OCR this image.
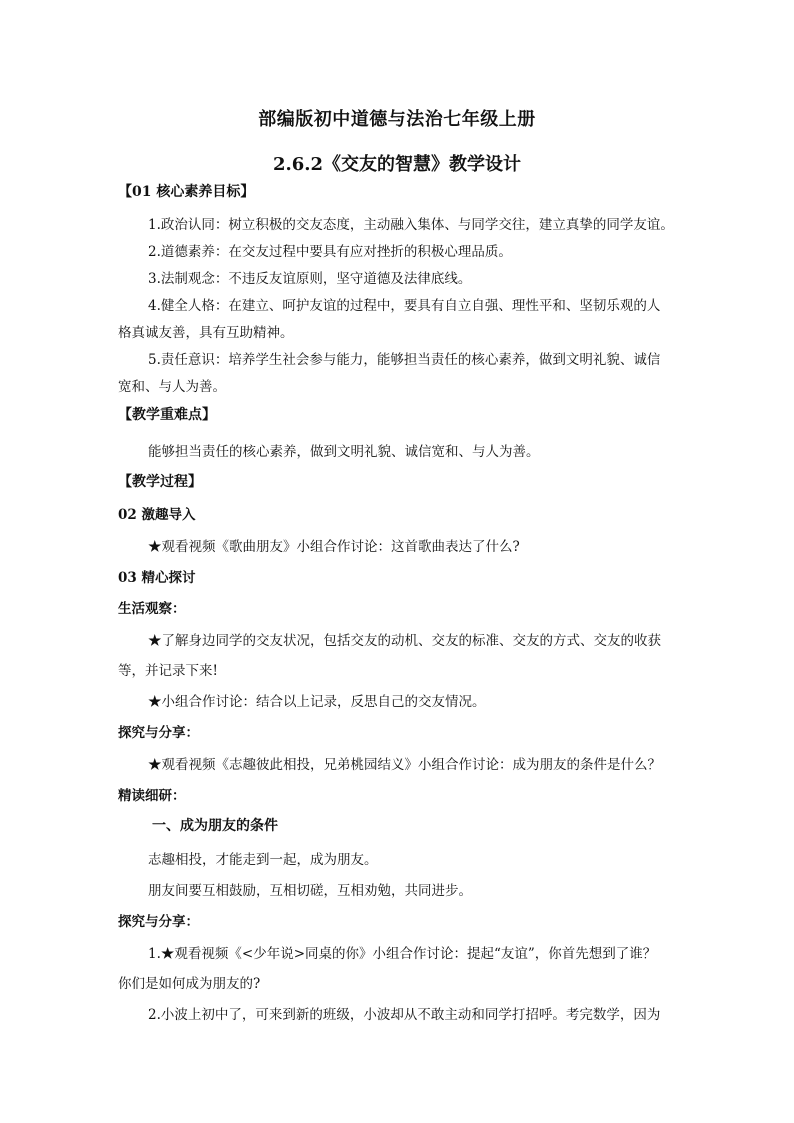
部编版初中道德与法治七年级上册
2.6.2《交友的智慧》教学设计
【01 核心素养目标】
1.政治认同：树立积极的交友态度，主动融入集体、与同学交往，建立真挚的同学友谊。
2.道德素养：在交友过程中要具有应对挫折的积极心理品质。
3.法制观念：不违反友谊原则，坚守道德及法律底线。
4.健全人格：在建立、呵护友谊的过程中，要具有自立自强、理性平和、坚韧乐观的人
格真诚友善，具有互助精神。
5.责任意识：培养学生社会参与能力，能够担当责任的核心素养，做到文明礼貌、诚信
宽和、与人为善。
【教学重难点】
能够担当责任的核心素养，做到文明礼貌、诚信宽和、与人为善。
【教学过程】
02 激趣导入
★观看视频《歌曲朋友》小组合作讨论：这首歌曲表达了什么?
03 精心探讨
生活观察：
★了解身边同学的交友状况，包括交友的动机、交友的标准、交友的方式、交友的收获
等，并记录下来!
★小组合作讨论：结合以上记录，反思自己的交友情况。
探究与分享：
★观看视频《志趣彼此相投，兄弟桃园结义》小组合作讨论：成为朋友的条件是什么？
精读细研：
一、成为朋友的条件
志趣相投，才能走到一起，成为朋友。
朋友间要互相鼓励，互相切磋，互相劝勉，共同进步。
探究与分享：
1.★观看视频《<少年说>同桌的你》小组合作讨论：提起“友谊”，你首先想到了谁？
你们是如何成为朋友的?
2.小波上初中了，可来到新的班级，小波却从不敢主动和同学打招呼。考完数学，因为
